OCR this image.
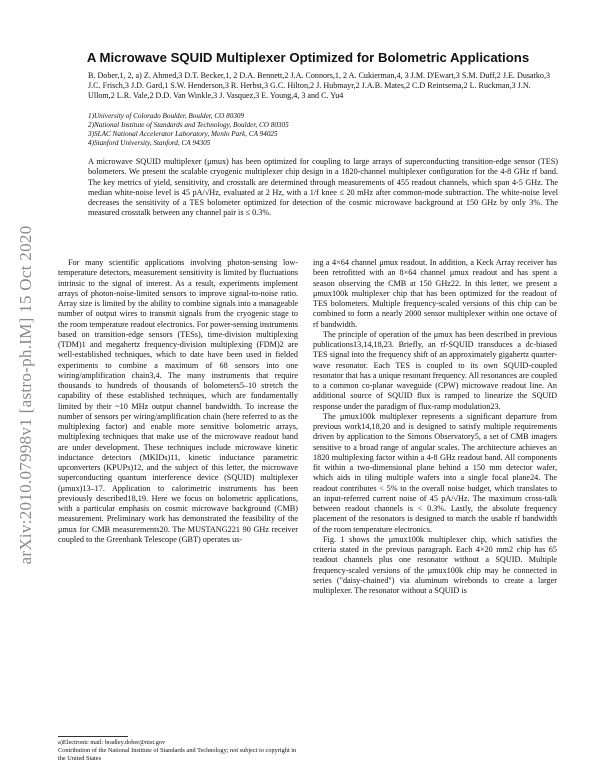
arXiv:2010.07998v1 [astro-ph.IM] 15 Oct 2020
A Microwave SQUID Multiplexer Optimized for Bolometric Applications

B. Dober,1, 2, a) Z. Ahmed,3 D.T. Becker,1, 2 D.A. Bennett,2 J.A. Connors,1, 2 A. Cukierman,4, 3 J.M. D'Ewart,3 S.M. Duff,2 J.E. Dusatko,3 J.C. Frisch,3 J.D. Gard,1 S.W. Henderson,3 R. Herbst,3 G.C. Hilton,2 J. Hubmayr,2 J.A.B. Mates,2 C.D Reintsema,2 L. Ruckman,3 J.N. Ullom,2 L.R. Vale,2 D.D. Van Winkle,3 J. Vasquez,3 E. Young,4, 3 and C. Yu4

1)University of Colorado Boulder, Boulder, CO 80309
2)National Institute of Standards and Technology, Boulder, CO 80305
3)SLAC National Accelerator Laboratory, Menlo Park, CA 94025
4)Stanford University, Stanford, CA 94305

A microwave SQUID multiplexer (μmux) has been optimized for coupling to large arrays of superconducting transition-edge sensor (TES) bolometers. We present the scalable cryogenic multiplexer chip design in a 1820-channel multiplexer configuration for the 4-8 GHz rf band. The key metrics of yield, sensitivity, and crosstalk are determined through measurements of 455 readout channels, which span 4-5 GHz. The median white-noise level is 45 pA/√Hz, evaluated at 2 Hz, with a 1/f knee ≤ 20 mHz after common-mode subtraction. The white-noise level decreases the sensitivity of a TES bolometer optimized for detection of the cosmic microwave background at 150 GHz by only 3%. The measured crosstalk between any channel pair is ≤ 0.3%.

For many scientific applications involving photon-sensing low-temperature detectors, measurement sensitivity is limited by fluctuations intrinsic to the signal of interest. As a result, experiments implement arrays of photon-noise-limited sensors to improve signal-to-noise ratio. Array size is limited by the ability to combine signals into a manageable number of output wires to transmit signals from the cryogenic stage to the room temperature readout electronics. For power-sensing instruments based on transition-edge sensors (TESs), time-division multiplexing (TDM)1 and megahertz frequency-division multiplexing (FDM)2 are well-established techniques, which to date have been used in fielded experiments to combine a maximum of 68 sensors into one wiring/amplification chain3,4. The many instruments that require thousands to hundreds of thousands of bolometers5–10 stretch the capability of these established techniques, which are fundamentally limited by their ~10 MHz output channel bandwidth. To increase the number of sensors per wiring/amplification chain (here referred to as the multiplexing factor) and enable more sensitive bolometric arrays, multiplexing techniques that make use of the microwave readout band are under development. These techniques include microwave kinetic inductance detectors (MKIDs)11, kinetic inductance parametric upconverters (KPUPs)12, and the subject of this letter, the microwave superconducting quantum interference device (SQUID) multiplexer (μmux)13–17. Application to calorimetric instruments has been previously described18,19. Here we focus on bolometric applications, with a particular emphasis on cosmic microwave background (CMB) measurement. Preliminary work has demonstrated the feasibility of the μmux for CMB measurements20. The MUSTANG221 90 GHz receiver coupled to the Greenbank Telescope (GBT) operates us-

ing a 4×64 channel μmux readout. In addition, a Keck Array receiver has been retrofitted with an 8×64 channel μmux readout and has spent a season observing the CMB at 150 GHz22. In this letter, we present a μmux100k multiplexer chip that has been optimized for the readout of TES bolometers. Multiple frequency-scaled versions of this chip can be combined to form a nearly 2000 sensor multiplexer within one octave of rf bandwidth.

The principle of operation of the μmux has been described in previous publications13,14,18,23. Briefly, an rf-SQUID transduces a dc-biased TES signal into the frequency shift of an approximately gigahertz quarter-wave resonator. Each TES is coupled to its own SQUID-coupled resonator that has a unique resonant frequency. All resonances are coupled to a common co-planar waveguide (CPW) microwave readout line. An additional source of SQUID flux is ramped to linearize the SQUID response under the paradigm of flux-ramp modulation23.

The μmux100k multiplexer represents a significant departure from previous work14,18,20 and is designed to satisfy multiple requirements driven by application to the Simons Observatory5, a set of CMB imagers sensitive to a broad range of angular scales. The architecture achieves an 1820 multiplexing factor within a 4-8 GHz readout band. All components fit within a two-dimensional plane behind a 150 mm detector wafer, which aids in tiling multiple wafers into a single focal plane24. The readout contributes < 5% to the overall noise budget, which translates to an input-referred current noise of 45 pA/√Hz. The maximum cross-talk between readout channels is < 0.3%. Lastly, the absolute frequency placement of the resonators is designed to match the usable rf bandwidth of the room temperature electronics.

Fig. 1 shows the μmux100k multiplexer chip, which satisfies the criteria stated in the previous paragraph. Each 4×20 mm2 chip has 65 readout channels plus one resonator without a SQUID. Multiple frequency-scaled versions of the μmux100k chip may be connected in series ("daisy-chained") via aluminum wirebonds to create a larger multiplexer. The resonator without a SQUID is

a)Electronic mail: bradley.dober@nist.gov
Contribution of the National Institute of Standards and Technology; not subject to copyright in the United States
